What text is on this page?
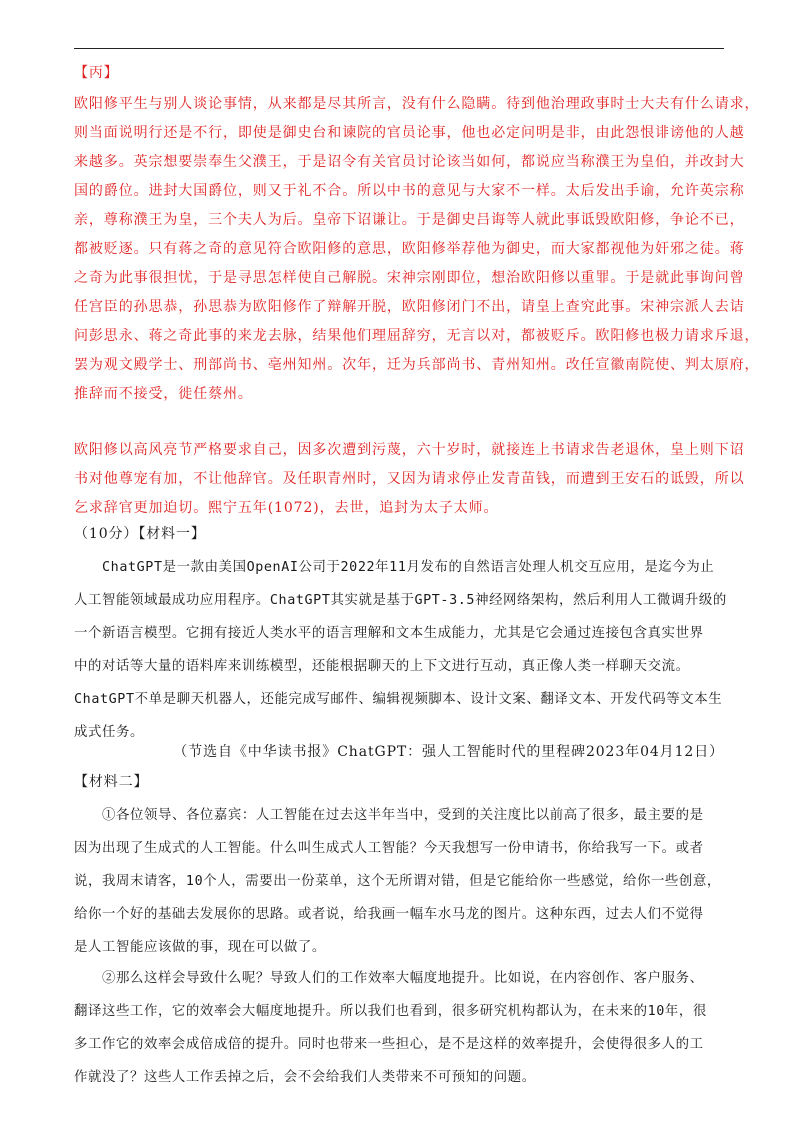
【丙】

欧阳修平生与别人谈论事情，从来都是尽其所言，没有什么隐瞒。待到他治理政事时士大夫有什么请求，
则当面说明行还是不行，即使是御史台和谏院的官员论事，他也必定问明是非，由此怨恨诽谤他的人越
来越多。英宗想要崇奉生父濮王，于是诏令有关官员讨论该当如何，都说应当称濮王为皇伯，并改封大
国的爵位。进封大国爵位，则又于礼不合。所以中书的意见与大家不一样。太后发出手谕，允许英宗称
亲，尊称濮王为皇，三个夫人为后。皇帝下诏谦让。于是御史吕诲等人就此事诋毁欧阳修，争论不已，
都被贬逐。只有蒋之奇的意见符合欧阳修的意思，欧阳修举荐他为御史，而大家都视他为奸邪之徒。蒋
之奇为此事很担忧，于是寻思怎样使自己解脱。宋神宗刚即位，想治欧阳修以重罪。于是就此事询问曾
任宫臣的孙思恭，孙思恭为欧阳修作了辩解开脱，欧阳修闭门不出，请皇上查究此事。宋神宗派人去诘
问彭思永、蒋之奇此事的来龙去脉，结果他们理屈辞穷，无言以对，都被贬斥。欧阳修也极力请求斥退，
罢为观文殿学士、刑部尚书、亳州知州。次年，迁为兵部尚书、青州知州。改任宣徽南院使、判太原府，
推辞而不接受，徙任蔡州。
欧阳修以高风亮节严格要求自己，因多次遭到污蔑，六十岁时，就接连上书请求告老退休，皇上则下诏
书对他尊宠有加，不让他辞官。及任职青州时，又因为请求停止发青苗钱，而遭到王安石的诋毁，所以
乞求辞官更加迫切。熙宁五年(1072)，去世，追封为太子太师。

（10分）【材料一】

ChatGPT是一款由美国OpenAI公司于2022年11月发布的自然语言处理人机交互应用，是迄今为止
人工智能领域最成功应用程序。ChatGPT其实就是基于GPT-3.5神经网络架构，然后利用人工微调升级的
一个新语言模型。它拥有接近人类水平的语言理解和文本生成能力，尤其是它会通过连接包含真实世界
中的对话等大量的语料库来训练模型，还能根据聊天的上下文进行互动，真正像人类一样聊天交流。
ChatGPT不单是聊天机器人，还能完成写邮件、编辑视频脚本、设计文案、翻译文本、开发代码等文本生
成式任务。

（节选自《中华读书报》ChatGPT：强人工智能时代的里程碑2023年04月12日）

【材料二】

①各位领导、各位嘉宾：人工智能在过去这半年当中，受到的关注度比以前高了很多，最主要的是
因为出现了生成式的人工智能。什么叫生成式人工智能？今天我想写一份申请书，你给我写一下。或者
说，我周末请客，10个人，需要出一份菜单，这个无所谓对错，但是它能给你一些感觉，给你一些创意，
给你一个好的基础去发展你的思路。或者说，给我画一幅车水马龙的图片。这种东西，过去人们不觉得
是人工智能应该做的事，现在可以做了。
②那么这样会导致什么呢？导致人们的工作效率大幅度地提升。比如说，在内容创作、客户服务、
翻译这些工作，它的效率会大幅度地提升。所以我们也看到，很多研究机构都认为，在未来的10年，很
多工作它的效率会成倍成倍的提升。同时也带来一些担心，是不是这样的效率提升，会使得很多人的工
作就没了？这些人工作丢掉之后，会不会给我们人类带来不可预知的问题。
